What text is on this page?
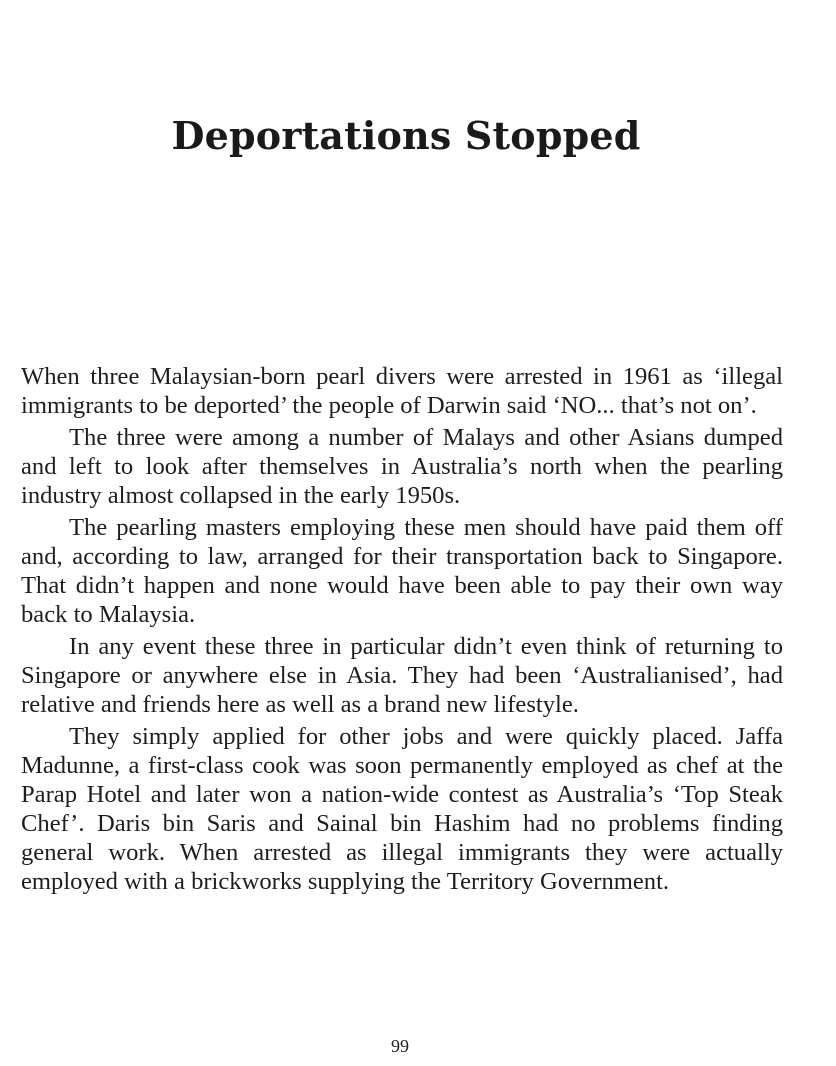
Deportations Stopped

When three Malaysian-born pearl divers were arrested in 1961 as ‘illegal immigrants to be deported’ the people of Darwin said ‘NO... that’s not on’.

The three were among a number of Malays and other Asians dumped and left to look after themselves in Australia’s north when the pearling industry almost collapsed in the early 1950s.

The pearling masters employing these men should have paid them off and, according to law, arranged for their transportation back to Singapore. That didn’t happen and none would have been able to pay their own way back to Malaysia.

In any event these three in particular didn’t even think of returning to Singapore or anywhere else in Asia. They had been ‘Australianised’, had relative and friends here as well as a brand new lifestyle.

They simply applied for other jobs and were quickly placed. Jaffa Madunne, a first-class cook was soon permanently employed as chef at the Parap Hotel and later won a nation-wide contest as Australia’s ‘Top Steak Chef’. Daris bin Saris and Sainal bin Hashim had no problems finding general work. When arrested as illegal immigrants they were actually employed with a brickworks supplying the Territory Government.

99
